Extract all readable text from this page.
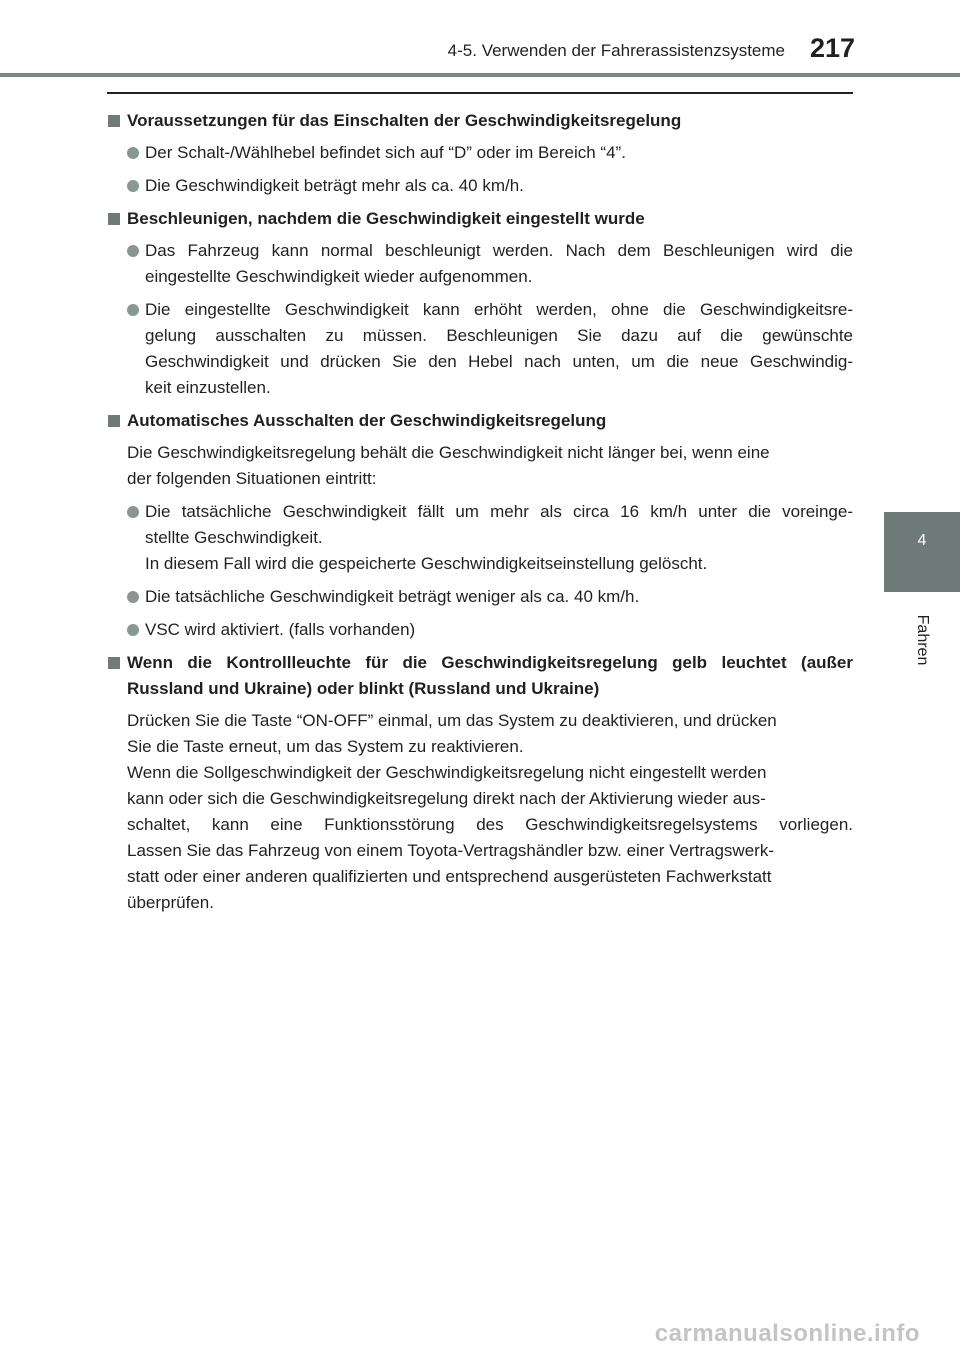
4-5. Verwenden der Fahrerassistenzsysteme 217
4
Fahren
Voraussetzungen für das Einschalten der Geschwindigkeitsregelung
Der Schalt-/Wählhebel befindet sich auf “D” oder im Bereich “4”.
Die Geschwindigkeit beträgt mehr als ca. 40 km/h.
Beschleunigen, nachdem die Geschwindigkeit eingestellt wurde
Das Fahrzeug kann normal beschleunigt werden. Nach dem Beschleunigen wird die
eingestellte Geschwindigkeit wieder aufgenommen.
Die eingestellte Geschwindigkeit kann erhöht werden, ohne die Geschwindigkeitsre-
gelung ausschalten zu müssen. Beschleunigen Sie dazu auf die gewünschte
Geschwindigkeit und drücken Sie den Hebel nach unten, um die neue Geschwindig-
keit einzustellen.
Automatisches Ausschalten der Geschwindigkeitsregelung
Die Geschwindigkeitsregelung behält die Geschwindigkeit nicht länger bei, wenn eine
der folgenden Situationen eintritt:
Die tatsächliche Geschwindigkeit fällt um mehr als circa 16 km/h unter die voreinge-
stellte Geschwindigkeit.
In diesem Fall wird die gespeicherte Geschwindigkeitseinstellung gelöscht.
Die tatsächliche Geschwindigkeit beträgt weniger als ca. 40 km/h.
VSC wird aktiviert. (falls vorhanden)
Wenn die Kontrollleuchte für die Geschwindigkeitsregelung gelb leuchtet (außer
Russland und Ukraine) oder blinkt (Russland und Ukraine)
Drücken Sie die Taste “ON-OFF” einmal, um das System zu deaktivieren, und drücken
Sie die Taste erneut, um das System zu reaktivieren.
Wenn die Sollgeschwindigkeit der Geschwindigkeitsregelung nicht eingestellt werden
kann oder sich die Geschwindigkeitsregelung direkt nach der Aktivierung wieder aus-
schaltet, kann eine Funktionsstörung des Geschwindigkeitsregelsystems vorliegen.
Lassen Sie das Fahrzeug von einem Toyota-Vertragshändler bzw. einer Vertragswerk-
statt oder einer anderen qualifizierten und entsprechend ausgerüsteten Fachwerkstatt
überprüfen.
carmanualsonline.info
